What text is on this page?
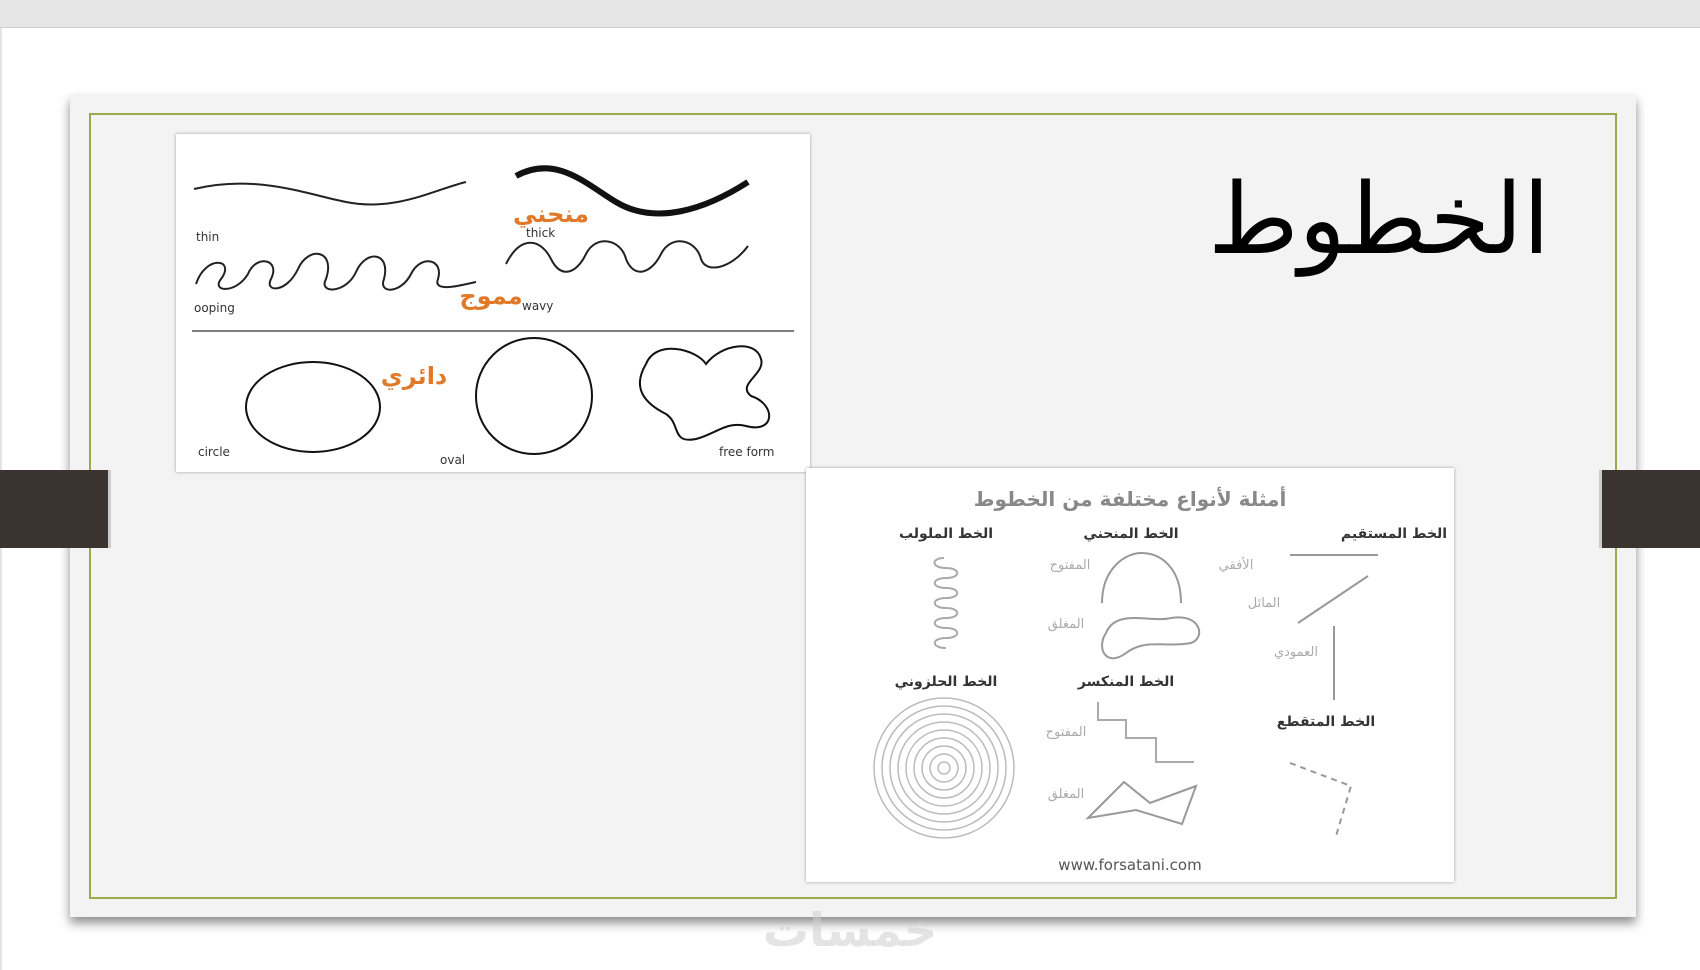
الخطوط
thin	thick
منحني
ooping	wavy
مموج
circle
دائري
oval
free form
أمثلة لأنواع مختلفة من الخطوط
الخط المستقيم
الأفقي
المائل
العمودي
الخط المنحني
المفتوح
المغلق
الخط الملولب
الخط المنكسر
المفتوح
المغلق
الخط الحلزوني
الخط المتقطع
www.forsatani.com
خمسات
